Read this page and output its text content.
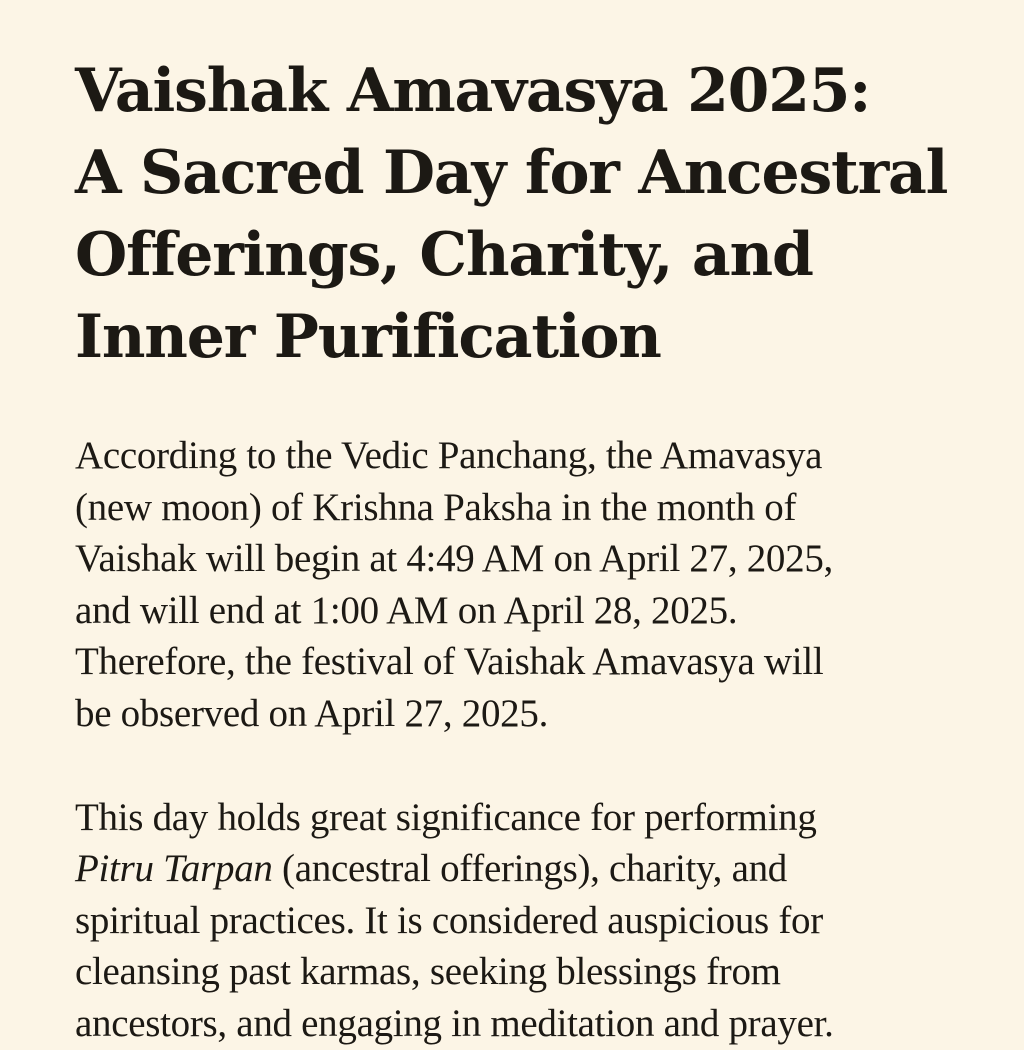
Vaishak Amavasya 2025:
A Sacred Day for Ancestral
Offerings, Charity, and
Inner Purification

According to the Vedic Panchang, the Amavasya
(new moon) of Krishna Paksha in the month of
Vaishak will begin at 4:49 AM on April 27, 2025,
and will end at 1:00 AM on April 28, 2025.
Therefore, the festival of Vaishak Amavasya will
be observed on April 27, 2025.

This day holds great significance for performing
Pitru Tarpan (ancestral offerings), charity, and
spiritual practices. It is considered auspicious for
cleansing past karmas, seeking blessings from
ancestors, and engaging in meditation and prayer.
